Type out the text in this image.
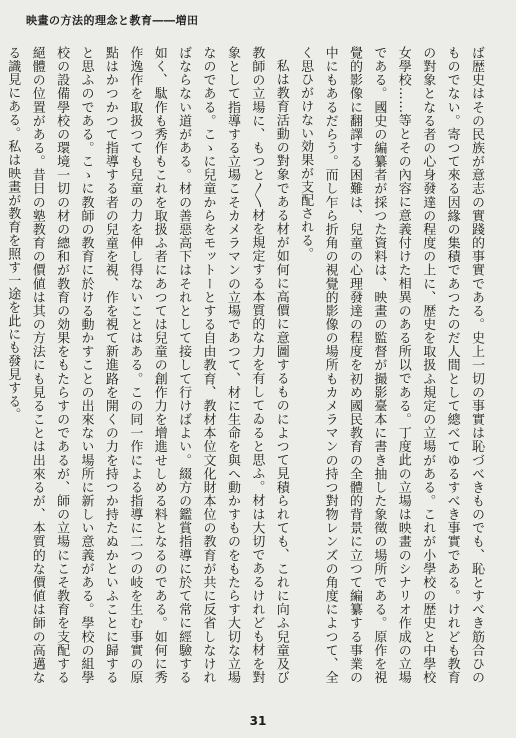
映畫の方法的理念と教育――増田

ば歴史はその民族が意志の實踐的事實である。史上一切の事實は恥づべきものでも、恥とすべき筋合ひのものでない。寄つて來る因緣の集積であつたのだ人間として總べてゆるすべき事實である。けれども教育の對象となる者の心身發達の程度の上に、歴史を取扱ふ規定の立場がある。これが小學校の歴史と中學校女學校……等とその內容に意義付けた相異のある所以である。丁度此の立場は映畫のシナリオ作成の立場である。國史の編纂者が採つた資料は、映畫の監督が撮影臺本に書き抽した象徵の場所である。原作を視覺的影像に翻譯する困難は、兒童の心理發達の程度を初め國民教育の全體的背景に立つて編纂する事業の中にもあるだらう。而し乍ら折角の視覺的影像の場所もカメラマンの持つ對物レンズの角度によつて、全く思ひがけない効果が支配される。

私は教育活動の對象である材が如何に高價に意圖するものによつて見積られても、これに向ふ兒童及び教師の立場に、もつと〳〵材を規定する本質的な力を有してゐると思ふ。材は大切であるけれども材を對象として指導する立場こそカメラマンの立場であつて、材に生命を與へ動かすものをもたらす大切な立場なのである。こゝに兒童からをモットーとする自由教育、教材本位文化財本位の教育が共に反省しなければならない道がある。材の善惡高下はそれとして接して行けばよい。綴方の鑑賞指導に於て常に經驗する如く、駄作も秀作もこれを取扱ふ者にあつては兒童の創作力を增進せしめる料となるのである。如何に秀作逸作を取扱つても兒童の力を伸し得ないことはある。この同一作による指導に二つの岐を生む事實の原點はかつかつて指導する者の兒童を視、作を視て新進路を開くの力を持つか持たぬかといふことに歸すると思ふのである。こゝに教師の教育に於ける動かすことの出來ない場所に新しい意義がある。學校の組學校の設備學校の環境一切の材の總和が教育の効果をもたらすのであるが、師の立場にこそ教育を支配する絕體の位置がある。昔日の塾教育の價値は其の方法にも見ることは出來るが、本質的な價値は師の高邁なる識見にある。私は映畫が教育を照す一途を此にも發見する。

31
